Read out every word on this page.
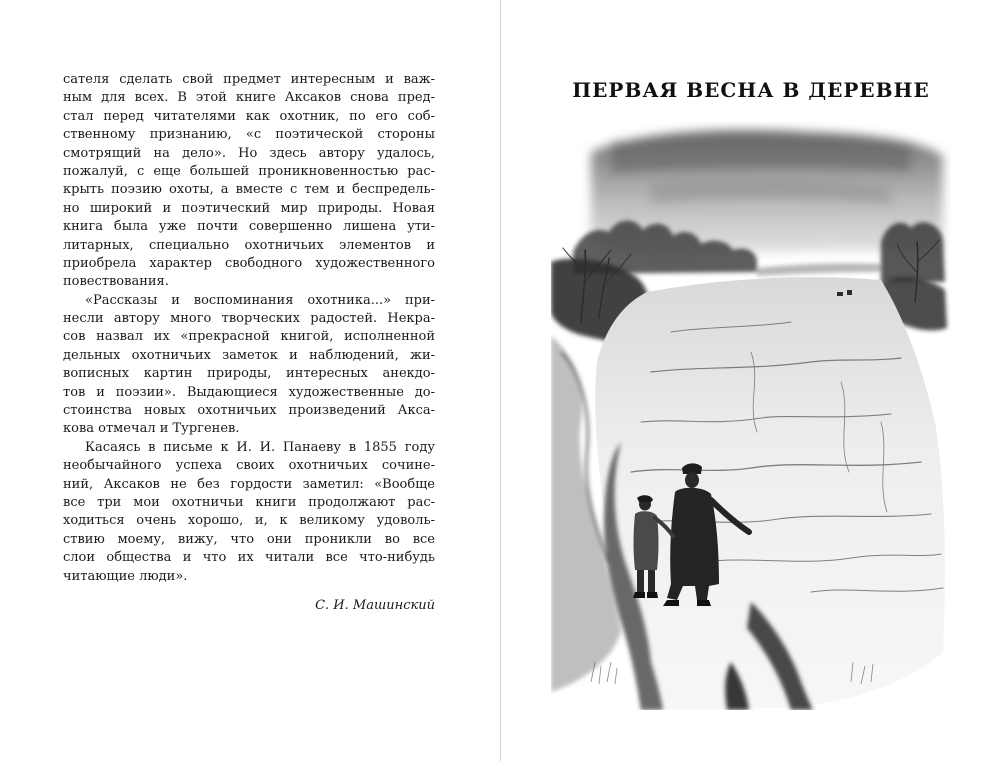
сателя сделать свой предмет интересным и важ-
ным для всех. В этой книге Аксаков снова пред-
стал перед читателями как охотник, по его соб-
ственному признанию, «с поэтической стороны
смотрящий на дело». Но здесь автору удалось,
пожалуй, с еще большей проникновенностью рас-
крыть поэзию охоты, а вместе с тем и беспредель-
но широкий и поэтический мир природы. Новая
книга была уже почти совершенно лишена ути-
литарных, специально охотничьих элементов и
приобрела характер свободного художественного
повествования.
«Рассказы и воспоминания охотника...» при-
несли автору много творческих радостей. Некра-
сов назвал их «прекрасной книгой, исполненной
дельных охотничьих заметок и наблюдений, жи-
вописных картин природы, интересных анекдо-
тов и поэзии». Выдающиеся художественные до-
стоинства новых охотничьих произведений Акса-
кова отмечал и Тургенев.
Касаясь в письме к И. И. Панаеву в 1855 году
необычайного успеха своих охотничьих сочине-
ний, Аксаков не без гордости заметил: «Вообще
все три мои охотничьи книги продолжают рас-
ходиться очень хорошо, и, к великому удоволь-
ствию моему, вижу, что они проникли во все
слои общества и что их читали все что-нибудь
читающие люди».
С. И. Машинский
ПЕРВАЯ ВЕСНА В ДЕРЕВНЕ
